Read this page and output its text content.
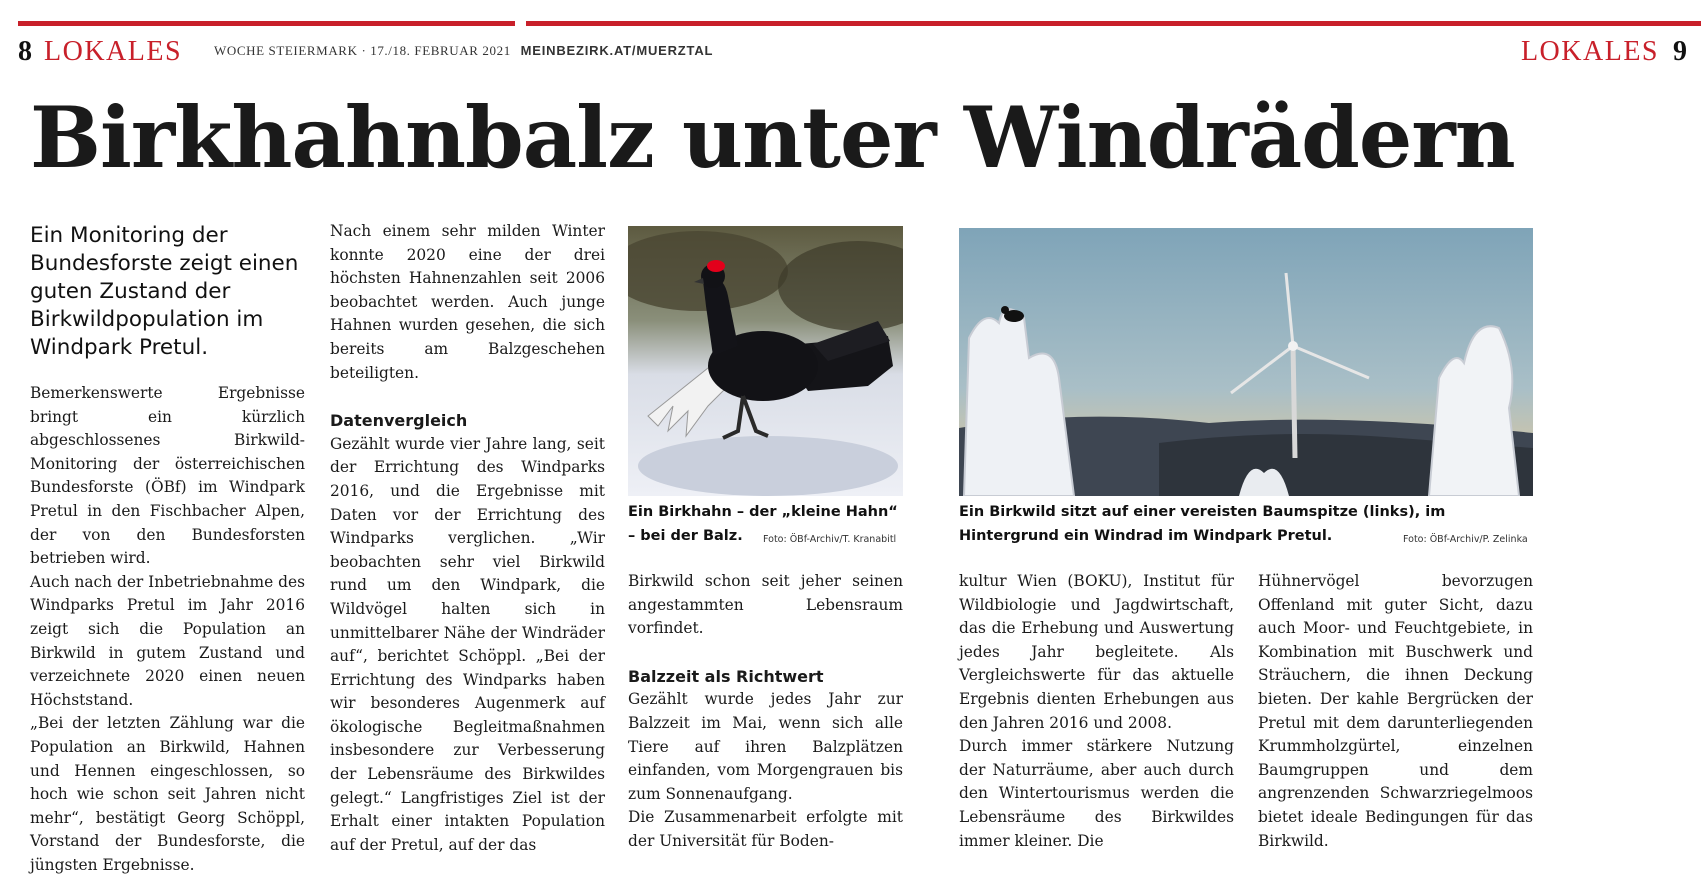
8 LOKALES WOCHE STEIERMARK · 17./18. FEBRUAR 2021 MEINBEZIRK.AT/MUERZTAL	LOKALES 9
Birkhahnbalz unter Windrädern
Ein Monitoring der Bundesforste zeigt einen guten Zustand der Birkwildpopulation im Windpark Pretul.

Bemerkenswerte Ergebnisse bringt ein kürzlich abgeschlossenes Birkwild-Monitoring der österreichischen Bundesforste (ÖBf) im Windpark Pretul in den Fischbacher Alpen, der von den Bundesforsten betrieben wird.

Auch nach der Inbetriebnahme des Windparks Pretul im Jahr 2016 zeigt sich die Population an Birkwild in gutem Zustand und verzeichnete 2020 einen neuen Höchststand.

„Bei der letzten Zählung war die Population an Birkwild, Hahnen und Hennen eingeschlossen, so hoch wie schon seit Jahren nicht mehr“, bestätigt Georg Schöppl, Vorstand der Bundesforste, die jüngsten Ergebnisse.

Nach einem sehr milden Winter konnte 2020 eine der drei höchsten Hahnenzahlen seit 2006 beobachtet werden. Auch junge Hahnen wurden gesehen, die sich bereits am Balzgeschehen beteiligten.

Datenvergleich

Gezählt wurde vier Jahre lang, seit der Errichtung des Windparks 2016, und die Ergebnisse mit Daten vor der Errichtung des Windparks verglichen. „Wir beobachten sehr viel Birkwild rund um den Windpark, die Wildvögel halten sich in unmittelbarer Nähe der Windräder auf“, berichtet Schöppl. „Bei der Errichtung des Windparks haben wir besonderes Augenmerk auf ökologische Begleitmaßnahmen insbesondere zur Verbesserung der Lebensräume des Birkwildes gelegt.“ Langfristiges Ziel ist der Erhalt einer intakten Population auf der Pretul, auf der das

Ein Birkhahn – der „kleine Hahn“ – bei der Balz.	Foto: ÖBf-Archiv/T. Kranabitl

Birkwild schon seit jeher seinen angestammten Lebensraum vorfindet.

Balzzeit als Richtwert

Gezählt wurde jedes Jahr zur Balzzeit im Mai, wenn sich alle Tiere auf ihren Balzplätzen einfanden, vom Morgengrauen bis zum Sonnenaufgang.

Die Zusammenarbeit erfolgte mit der Universität für Boden-

Ein Birkwild sitzt auf einer vereisten Baumspitze (links), im Hintergrund ein Windrad im Windpark Pretul.	Foto: ÖBf-Archiv/P. Zelinka

kultur Wien (BOKU), Institut für Wildbiologie und Jagdwirtschaft, das die Erhebung und Auswertung jedes Jahr begleitete. Als Vergleichswerte für das aktuelle Ergebnis dienten Erhebungen aus den Jahren 2016 und 2008.

Durch immer stärkere Nutzung der Naturräume, aber auch durch den Wintertourismus werden die Lebensräume des Birkwildes immer kleiner. Die

Hühnervögel bevorzugen Offenland mit guter Sicht, dazu auch Moor- und Feuchtgebiete, in Kombination mit Buschwerk und Sträuchern, die ihnen Deckung bieten. Der kahle Bergrücken der Pretul mit dem darunterliegenden Krummholzgürtel, einzelnen Baumgruppen und dem angrenzenden Schwarzriegelmoos bietet ideale Bedingungen für das Birkwild.
